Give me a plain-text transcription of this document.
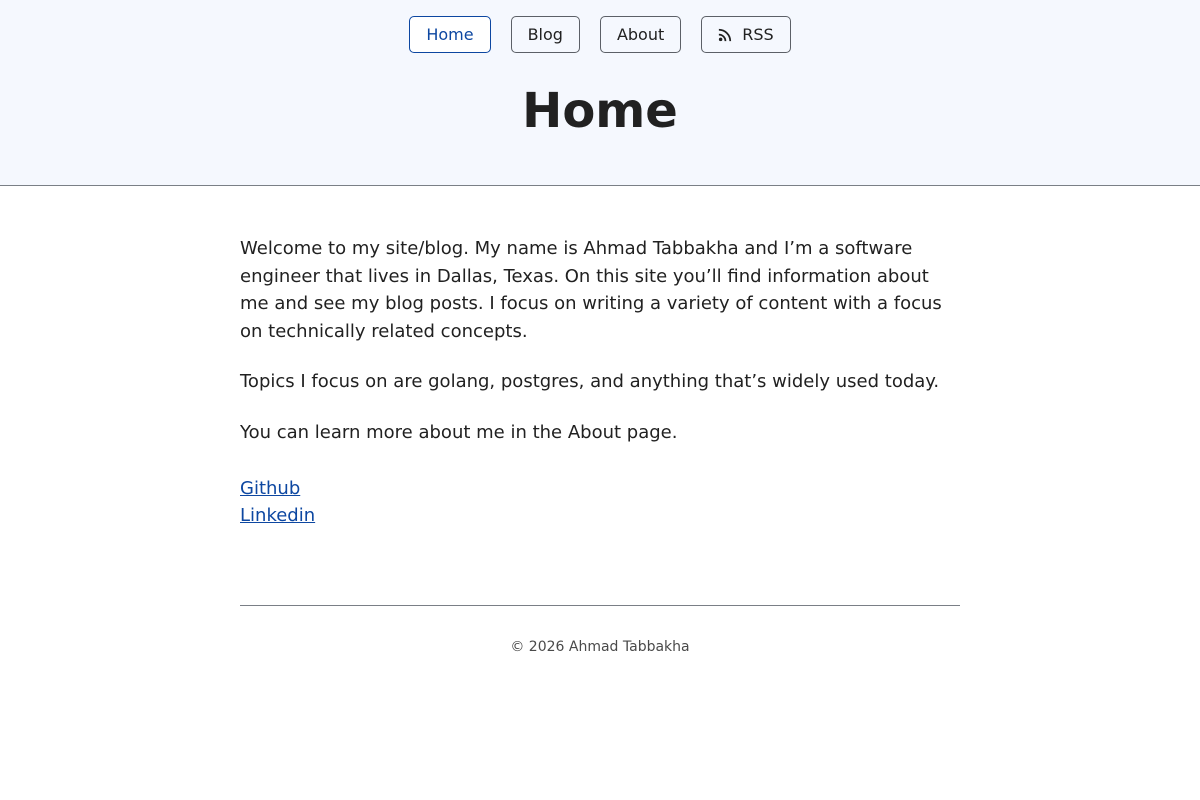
Home	Blog	About	RSS
Home

Welcome to my site/blog. My name is Ahmad Tabbakha and I’m a software engineer that lives in Dallas, Texas. On this site you’ll find information about me and see my blog posts. I focus on writing a variety of content with a focus on technically related concepts.

Topics I focus on are golang, postgres, and anything that’s widely used today.

You can learn more about me in the About page.

Github
Linkedin
© 2026 Ahmad Tabbakha
